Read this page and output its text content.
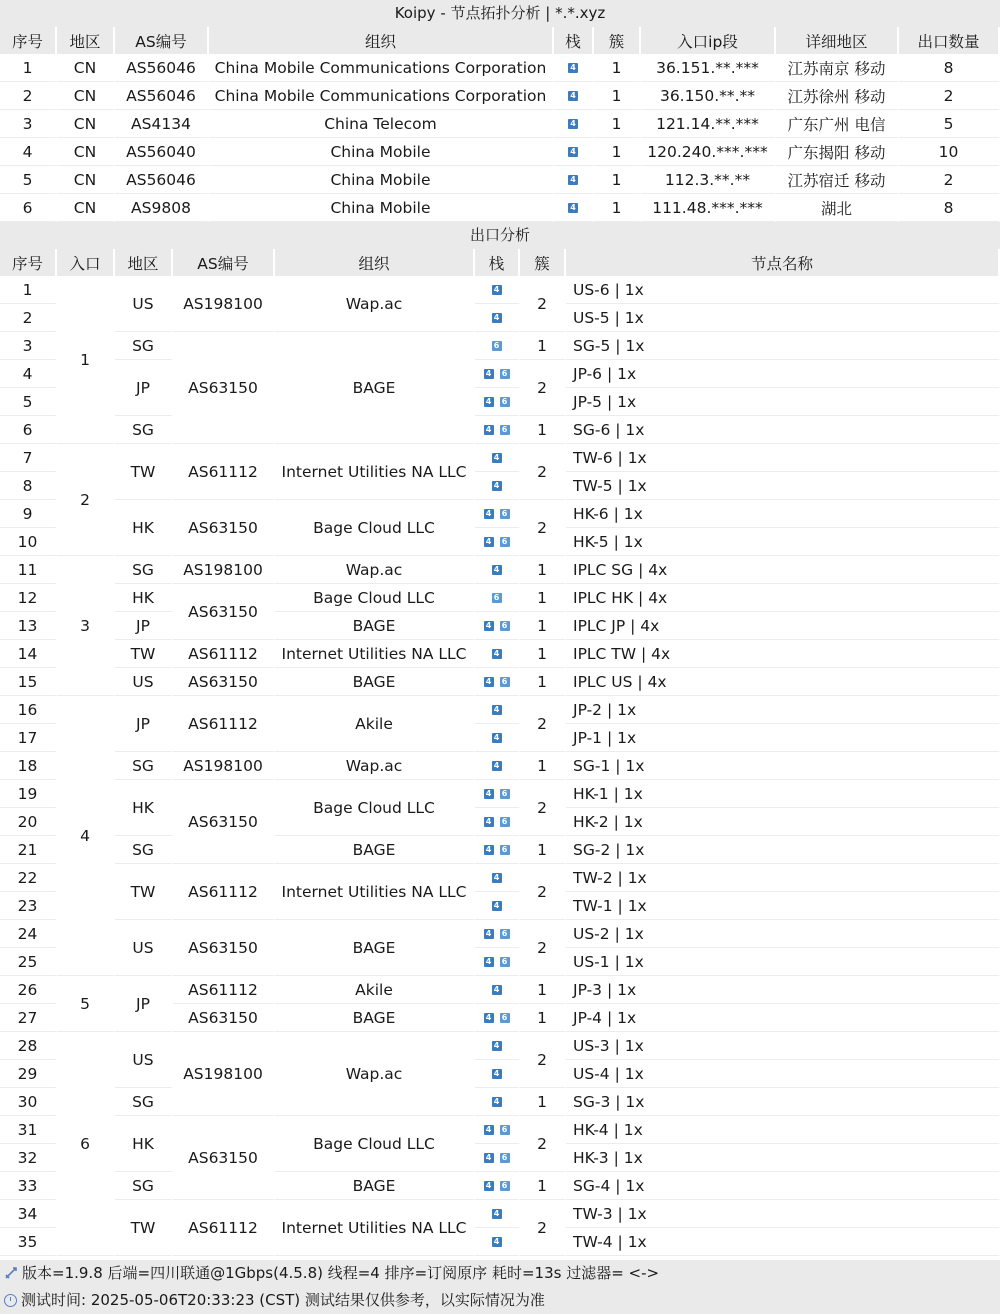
Koipy - 节点拓扑分析 | *.*.xyz
序号	地区	AS编号	组织	栈	簇	入口ip段	详细地区	出口数量
1	CN	AS56046	China Mobile Communications Corporation	4	1	36.151.**.***	江苏南京 移动	8
2	CN	AS56046	China Mobile Communications Corporation	4	1	36.150.**.**	江苏徐州 移动	2
3	CN	AS4134	China Telecom	4	1	121.14.**.***	广东广州 电信	5
4	CN	AS56040	China Mobile	4	1	120.240.***.***	广东揭阳 移动	10
5	CN	AS56046	China Mobile	4	1	112.3.**.**	江苏宿迁 移动	2
6	CN	AS9808	China Mobile	4	1	111.48.***.***	湖北	8
出口分析
序号	入口	地区	AS编号	组织	栈	簇	节点名称
1	1	US	AS198100	Wap.ac	4	2	US-6 | 1x
2					4		US-5 | 1x
3		SG	AS63150	BAGE	6	1	SG-5 | 1x
4		JP			4 6	2	JP-6 | 1x
5					4 6		JP-5 | 1x
6		SG			4 6	1	SG-6 | 1x
7	2	TW	AS61112	Internet Utilities NA LLC	4	2	TW-6 | 1x
8					4		TW-5 | 1x
9		HK	AS63150	Bage Cloud LLC	4 6	2	HK-6 | 1x
10					4 6		HK-5 | 1x
11	3	SG	AS198100	Wap.ac	4	1	IPLC SG | 4x
12		HK	AS63150	Bage Cloud LLC	6	1	IPLC HK | 4x
13		JP		BAGE	4 6	1	IPLC JP | 4x
14		TW	AS61112	Internet Utilities NA LLC	4	1	IPLC TW | 4x
15		US	AS63150	BAGE	4 6	1	IPLC US | 4x
16	4	JP	AS61112	Akile	4	2	JP-2 | 1x
17					4		JP-1 | 1x
18		SG	AS198100	Wap.ac	4	1	SG-1 | 1x
19		HK	AS63150	Bage Cloud LLC	4 6	2	HK-1 | 1x
20					4 6		HK-2 | 1x
21		SG		BAGE	4 6	1	SG-2 | 1x
22		TW	AS61112	Internet Utilities NA LLC	4	2	TW-2 | 1x
23					4		TW-1 | 1x
24		US	AS63150	BAGE	4 6	2	US-2 | 1x
25					4 6		US-1 | 1x
26	5	JP	AS61112	Akile	4	1	JP-3 | 1x
27			AS63150	BAGE	4 6	1	JP-4 | 1x
28	6	US	AS198100	Wap.ac	4	2	US-3 | 1x
29					4		US-4 | 1x
30		SG			4	1	SG-3 | 1x
31		HK	AS63150	Bage Cloud LLC	4 6	2	HK-4 | 1x
32					4 6		HK-3 | 1x
33		SG		BAGE	4 6	1	SG-4 | 1x
34		TW	AS61112	Internet Utilities NA LLC	4	2	TW-3 | 1x
35					4		TW-4 | 1x
版本=1.9.8 后端=四川联通@1Gbps(4.5.8) 线程=4 排序=订阅原序 耗时=13s 过滤器= <->
测试时间: 2025-05-06T20:33:23 (CST) 测试结果仅供参考，以实际情况为准
